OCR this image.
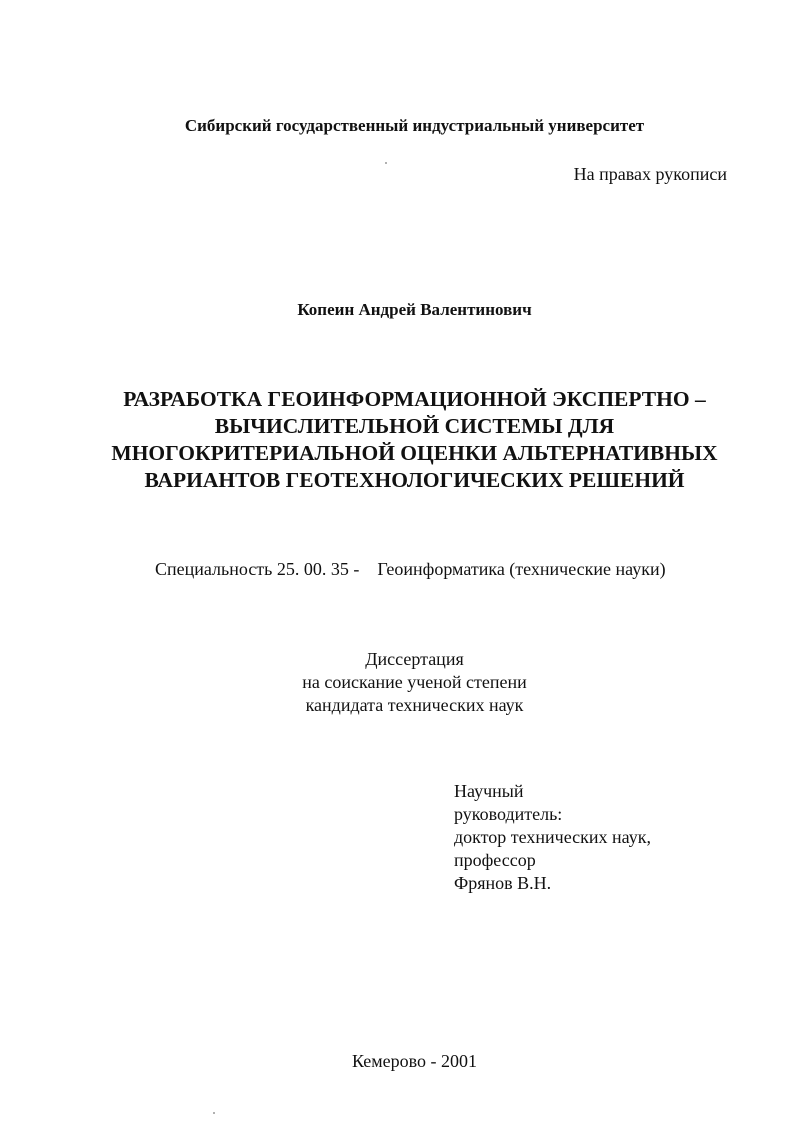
Сибирский государственный индустриальный университет
На правах рукописи
Копеин Андрей Валентинович
РАЗРАБОТКА ГЕОИНФОРМАЦИОННОЙ ЭКСПЕРТНО –
ВЫЧИСЛИТЕЛЬНОЙ СИСТЕМЫ ДЛЯ
МНОГОКРИТЕРИАЛЬНОЙ ОЦЕНКИ АЛЬТЕРНАТИВНЫХ
ВАРИАНТОВ ГЕОТЕХНОЛОГИЧЕСКИХ РЕШЕНИЙ
Специальность 25. 00. 35 - Геоинформатика (технические науки)
Диссертация
на соискание ученой степени
кандидата технических наук
Научный
руководитель:
доктор технических наук,
профессор
Фрянов В.Н.
Кемерово - 2001
